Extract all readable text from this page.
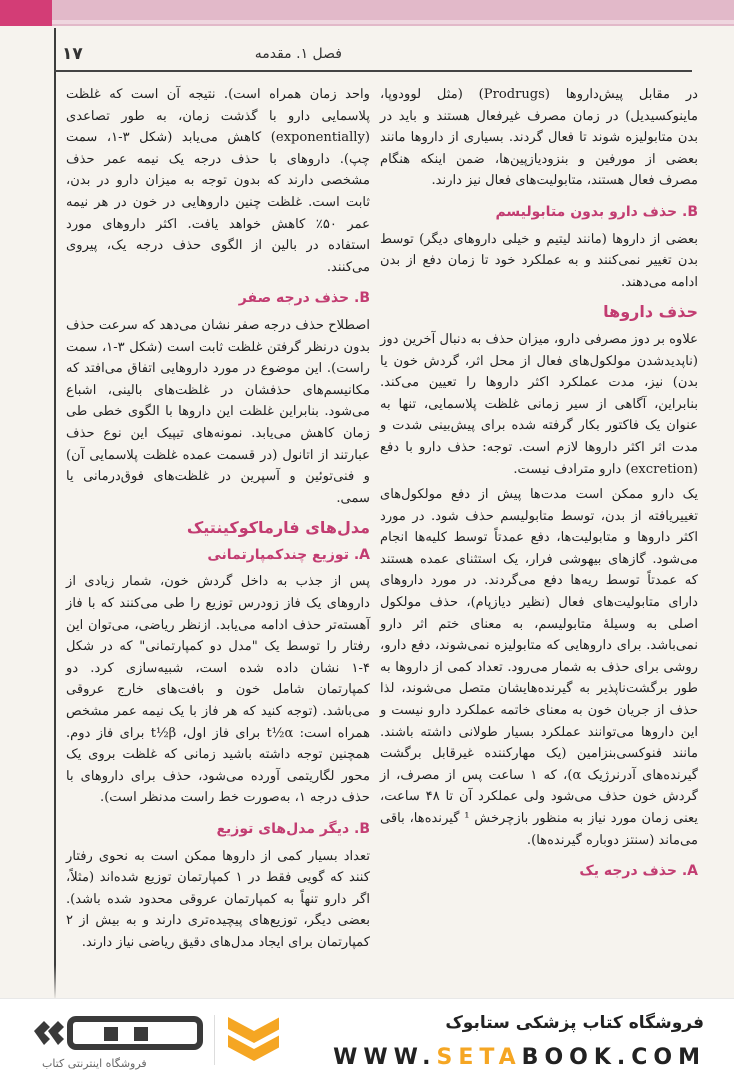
١٧	فصل ۱. مقدمه

در مقابل پیش‌داروها (Prodrugs) (مثل لوودوپا، ماینوکسیدیل) در زمان مصرف غیرفعال هستند و باید در بدن متابولیزه شوند تا فعال گردند. بسیاری از داروها مانند بعضی از مورفین و بنزودیازپین‌ها، ضمن اینکه هنگام مصرف فعال هستند، متابولیت‌های فعال نیز دارند.

B. حذف دارو بدون متابولیسم

بعضی از داروها (مانند لیتیم و خیلی داروهای دیگر) توسط بدن تغییر نمی‌کنند و به عملکرد خود تا زمان دفع از بدن ادامه می‌دهند.

حذف داروها

علاوه بر دوز مصرفی دارو، میزان حذف به دنبال آخرین دوز (ناپدیدشدن مولکول‌های فعال از محل اثر، گردش خون یا بدن) نیز، مدت عملکرد اکثر داروها را تعیین می‌کند. بنابراین، آگاهی از سیر زمانی غلظت پلاسمایی، تنها به عنوان یک فاکتور بکار گرفته شده برای پیش‌بینی شدت و مدت اثر اکثر داروها لازم است. توجه: حذف دارو با دفع (excretion) دارو مترادف نیست.

یک دارو ممکن است مدت‌ها پیش از دفع مولکول‌های تغییریافته از بدن، توسط متابولیسم حذف شود. در مورد اکثر داروها و متابولیت‌ها، دفع عمدتاً توسط کلیه‌ها انجام می‌شود. گازهای بیهوشی فرار، یک استثنای عمده هستند که عمدتاً توسط ریه‌ها دفع می‌گردند. در مورد داروهای دارای متابولیت‌های فعال (نظیر دیازپام)، حذف مولکول اصلی به وسیلهٔ متابولیسم، به معنای ختم اثر دارو نمی‌باشد. برای داروهایی که متابولیزه نمی‌شوند، دفع دارو، روشی برای حذف به شمار می‌رود. تعداد کمی از داروها به طور برگشت‌ناپذیر به گیرنده‌هایشان متصل می‌شوند، لذا حذف از جریان خون به معنای خاتمه عملکرد دارو نیست و این داروها می‌توانند عملکرد بسیار طولانی داشته باشند. مانند فنوکسی‌بنزامین (یک مهارکننده غیرقابل برگشت گیرنده‌های آدرنرژیک α)، که ۱ ساعت پس از مصرف، از گردش خون حذف می‌شود ولی عملکرد آن تا ۴۸ ساعت، یعنی زمان مورد نیاز به منظور بازچرخش ¹ گیرنده‌ها، باقی می‌ماند (سنتز دوباره گیرنده‌ها).

A. حذف درجه یک

واحد زمان همراه است). نتیجه آن است که غلظت پلاسمایی دارو با گذشت زمان، به طور تصاعدی (exponentially) کاهش می‌یابد (شکل ۳-۱، سمت چپ). داروهای با حذف درجه یک نیمه عمر حذف مشخصی دارند که بدون توجه به میزان دارو در بدن، ثابت است. غلظت چنین داروهایی در خون در هر نیمه عمر ۵۰٪ کاهش خواهد یافت. اکثر داروهای مورد استفاده در بالین از الگوی حذف درجه یک، پیروی می‌کنند.

B. حذف درجه صفر

اصطلاح حذف درجه صفر نشان می‌دهد که سرعت حذف بدون درنظر گرفتن غلظت ثابت است (شکل ۳-۱، سمت راست). این موضوع در مورد داروهایی اتفاق می‌افتد که مکانیسم‌های حذفشان در غلظت‌های بالینی، اشباع می‌شود. بنابراین غلظت این داروها با الگوی خطی طی زمان کاهش می‌یابد. نمونه‌های تیپیک این نوع حذف عبارتند از اتانول (در قسمت عمده غلظت پلاسمایی آن) و فنی‌توئین و آسپرین در غلظت‌های فوق‌درمانی یا سمی.

مدل‌های فارماکوکینتیک
A. توزیع چندکمپارتمانی

پس از جذب به داخل گردش خون، شمار زیادی از داروهای یک فاز زودرس توزیع را طی می‌کنند که با فاز آهسته‌تر حذف ادامه می‌یابد. ازنظر ریاضی، می‌توان این رفتار را توسط یک "مدل دو کمپارتمانی" که در شکل ۴-۱ نشان داده شده است، شبیه‌سازی کرد. دو کمپارتمان شامل خون و بافت‌های خارج عروقی می‌باشد. (توجه کنید که هر فاز با یک نیمه عمر مشخص همراه است: t½α برای فاز اول، t½β برای فاز دوم. همچنین توجه داشته باشید زمانی که غلظت بروی یک محور لگاریتمی آورده می‌شود، حذف برای داروهای با حذف درجه ۱، به‌صورت خط راست مدنظر است).

B. دیگر مدل‌های توزیع

تعداد بسیار کمی از داروها ممکن است به نحوی رفتار کنند که گویی فقط در ۱ کمپارتمان توزیع شده‌اند (مثلاً، اگر دارو تنهاً به کمپارتمان عروقی محدود شده باشد). بعضی دیگر، توزیع‌های پیچیده‌تری دارند و به بیش از ۲ کمپارتمان برای ایجاد مدل‌های دقیق ریاضی نیاز دارند.

فروشگاه اینترنتی کتاب
فروشگاه کتاب پزشکی ستابوک
WWW.SETABOOK.COM
